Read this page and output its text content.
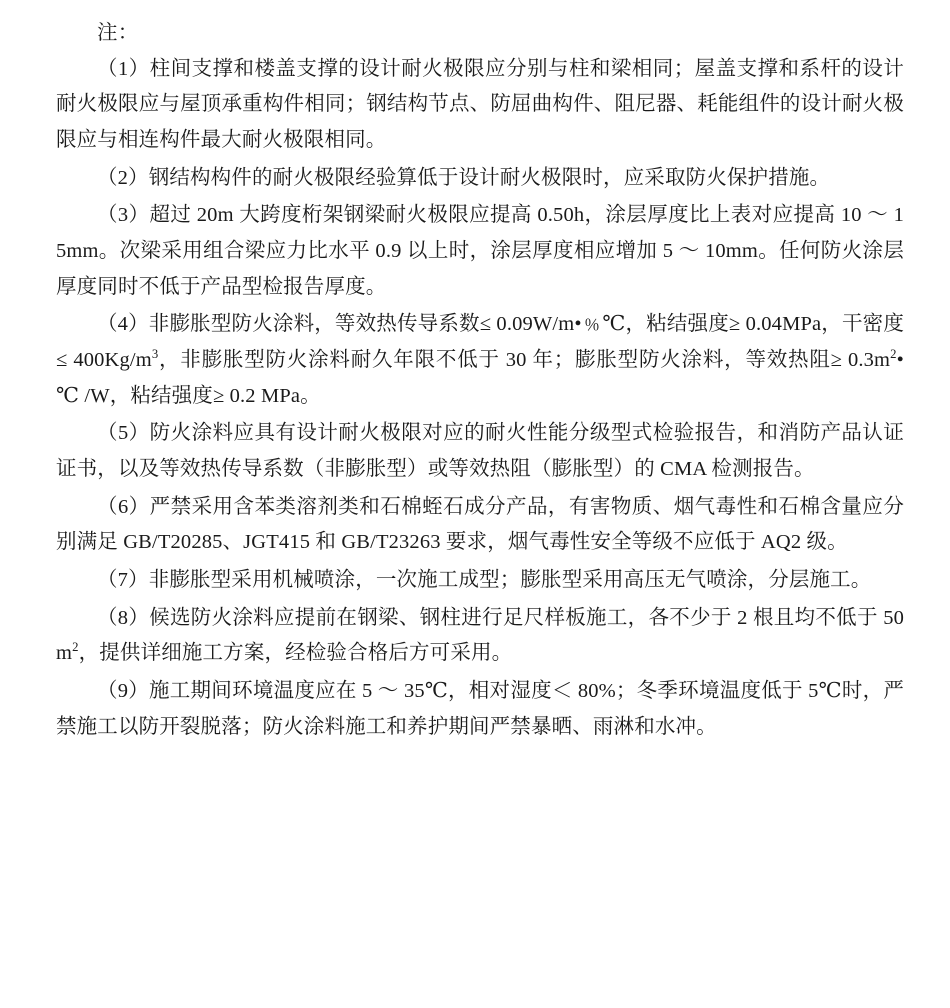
注：

（1）柱间支撑和楼盖支撑的设计耐火极限应分别与柱和梁相同；屋盖支撑和系杆的设计耐火极限应与屋顶承重构件相同；钢结构节点、防屈曲构件、阻尼器、耗能组件的设计耐火极限应与相连构件最大耐火极限相同。

（2）钢结构构件的耐火极限经验算低于设计耐火极限时，应采取防火保护措施。

（3）超过 20m 大跨度桁架钢梁耐火极限应提高 0.50h，涂层厚度比上表对应提高 10 ～ 15mm。次梁采用组合梁应力比水平 0.9 以上时，涂层厚度相应增加 5 ～ 10mm。任何防火涂层厚度同时不低于产品型检报告厚度。

（4）非膨胀型防火涂料，等效热传导系数≤ 0.09W/m•﹪℃，粘结强度≥ 0.04MPa，干密度≤ $400Kg/m^3$，非膨胀型防火涂料耐久年限不低于 30 年；膨胀型防火涂料，等效热阻≥ $0.3m^2•$ ℃ /W，粘结强度≥ 0.2 MPa。

（5）防火涂料应具有设计耐火极限对应的耐火性能分级型式检验报告，和消防产品认证证书，以及等效热传导系数（非膨胀型）或等效热阻（膨胀型）的 CMA 检测报告。

（6）严禁采用含苯类溶剂类和石棉蛭石成分产品，有害物质、烟气毒性和石棉含量应分别满足 GB/T20285、JGT415 和 GB/T23263 要求，烟气毒性安全等级不应低于 AQ2 级。

（7）非膨胀型采用机械喷涂，一次施工成型；膨胀型采用高压无气喷涂，分层施工。

（8）候选防火涂料应提前在钢梁、钢柱进行足尺样板施工，各不少于 2 根且均不低于 $50m^2$，提供详细施工方案，经检验合格后方可采用。

（9）施工期间环境温度应在 5 ～ 35℃，相对湿度＜ 80%；冬季环境温度低于 5℃时，严禁施工以防开裂脱落；防火涂料施工和养护期间严禁暴晒、雨淋和水冲。
